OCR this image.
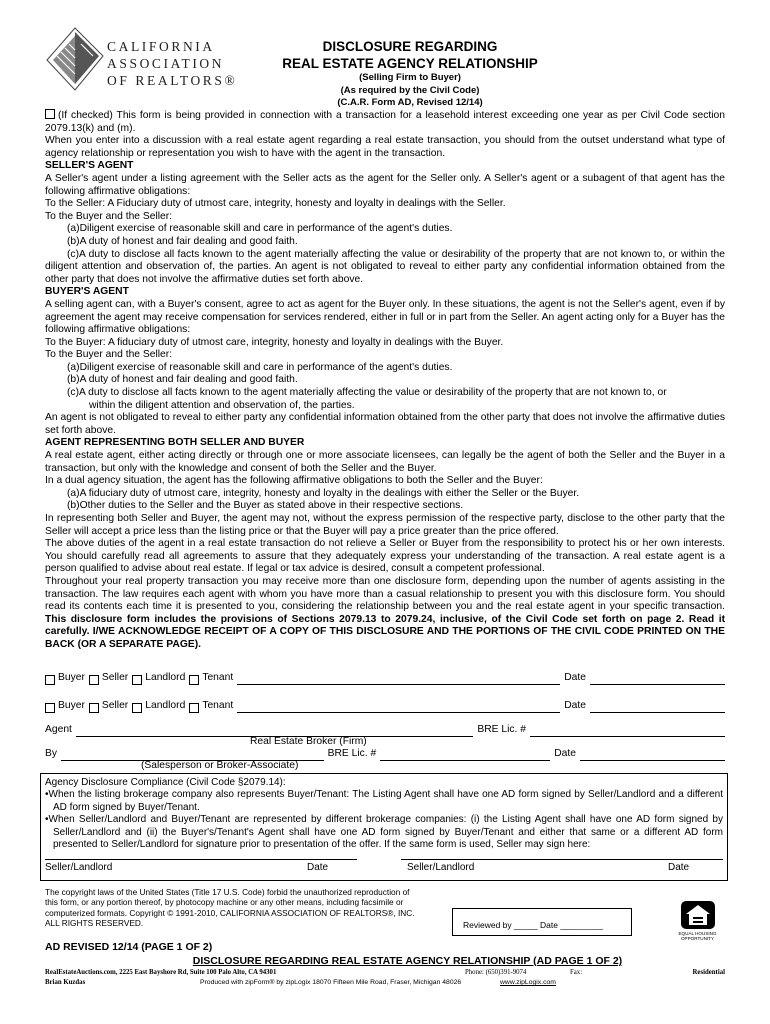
CALIFORNIA
ASSOCIATION
OF REALTORS®
DISCLOSURE REGARDING
REAL ESTATE AGENCY RELATIONSHIP
(Selling Firm to Buyer)
(As required by the Civil Code)
(C.A.R. Form AD, Revised 12/14)

(If checked) This form is being provided in connection with a transaction for a leasehold interest exceeding one year as per Civil Code section 2079.13(k) and (m).

When you enter into a discussion with a real estate agent regarding a real estate transaction, you should from the outset understand what type of agency relationship or representation you wish to have with the agent in the transaction.

SELLER'S AGENT

A Seller's agent under a listing agreement with the Seller acts as the agent for the Seller only. A Seller's agent or a subagent of that agent has the following affirmative obligations:

To the Seller: A Fiduciary duty of utmost care, integrity, honesty and loyalty in dealings with the Seller.

To the Buyer and the Seller:

(a)Diligent exercise of reasonable skill and care in performance of the agent's duties.

(b)A duty of honest and fair dealing and good faith.

(c)A duty to disclose all facts known to the agent materially affecting the value or desirability of the property that are not known to, or within the diligent attention and observation of, the parties. An agent is not obligated to reveal to either party any confidential information obtained from the other party that does not involve the affirmative duties set forth above.

BUYER'S AGENT

A selling agent can, with a Buyer's consent, agree to act as agent for the Buyer only. In these situations, the agent is not the Seller's agent, even if by agreement the agent may receive compensation for services rendered, either in full or in part from the Seller. An agent acting only for a Buyer has the following affirmative obligations:

To the Buyer: A fiduciary duty of utmost care, integrity, honesty and loyalty in dealings with the Buyer.

To the Buyer and the Seller:

(a)Diligent exercise of reasonable skill and care in performance of the agent's duties.

(b)A duty of honest and fair dealing and good faith.

(c)A duty to disclose all facts known to the agent materially affecting the value or desirability of the property that are not known to, or

within the diligent attention and observation of, the parties.

An agent is not obligated to reveal to either party any confidential information obtained from the other party that does not involve the affirmative duties set forth above.

AGENT REPRESENTING BOTH SELLER AND BUYER

A real estate agent, either acting directly or through one or more associate licensees, can legally be the agent of both the Seller and the Buyer in a transaction, but only with the knowledge and consent of both the Seller and the Buyer.

In a dual agency situation, the agent has the following affirmative obligations to both the Seller and the Buyer:

(a)A fiduciary duty of utmost care, integrity, honesty and loyalty in the dealings with either the Seller or the Buyer.

(b)Other duties to the Seller and the Buyer as stated above in their respective sections.

In representing both Seller and Buyer, the agent may not, without the express permission of the respective party, disclose to the other party that the Seller will accept a price less than the listing price or that the Buyer will pay a price greater than the price offered.

The above duties of the agent in a real estate transaction do not relieve a Seller or Buyer from the responsibility to protect his or her own interests. You should carefully read all agreements to assure that they adequately express your understanding of the transaction. A real estate agent is a person qualified to advise about real estate. If legal or tax advice is desired, consult a competent professional.

Throughout your real property transaction you may receive more than one disclosure form, depending upon the number of agents assisting in the transaction. The law requires each agent with whom you have more than a casual relationship to present you with this disclosure form. You should read its contents each time it is presented to you, considering the relationship between you and the real estate agent in your specific transaction. This disclosure form includes the provisions of Sections 2079.13 to 2079.24, inclusive, of the Civil Code set forth on page 2. Read it carefully. I/WE ACKNOWLEDGE RECEIPT OF A COPY OF THIS DISCLOSURE AND THE PORTIONS OF THE CIVIL CODE PRINTED ON THE BACK (OR A SEPARATE PAGE).

Buyer Seller Landlord Tenant	Date
Buyer Seller Landlord Tenant	Date
Agent	BRE Lic. #
Real Estate Broker (Firm)
By	BRE Lic. #	Date
(Salesperson or Broker-Associate)
Agency Disclosure Compliance (Civil Code §2079.14):
• When the listing brokerage company also represents Buyer/Tenant: The Listing Agent shall have one AD form signed by Seller/Landlord and a different AD form signed by Buyer/Tenant.
• When Seller/Landlord and Buyer/Tenant are represented by different brokerage companies: (i) the Listing Agent shall have one AD form signed by Seller/Landlord and (ii) the Buyer's/Tenant's Agent shall have one AD form signed by Buyer/Tenant and either that same or a different AD form presented to Seller/Landlord for signature prior to presentation of the offer. If the same form is used, Seller may sign here:
Seller/Landlord	Date	Seller/Landlord	Date
The copyright laws of the United States (Title 17 U.S. Code) forbid the unauthorized reproduction of this form, or any portion thereof, by photocopy machine or any other means, including facsimile or computerized formats. Copyright © 1991-2010, CALIFORNIA ASSOCIATION OF REALTORS®, INC. ALL RIGHTS RESERVED.	Reviewed by _____ Date _________
EQUAL HOUSING OPPORTUNITY
AD REVISED 12/14 (PAGE 1 OF 2)
DISCLOSURE REGARDING REAL ESTATE AGENCY RELATIONSHIP (AD PAGE 1 OF 2)
RealEstateAuctions.com, 2225 East Bayshore Rd, Suite 100 Palo Alto, CA 94301	Phone: (650)391-9074	Fax:	Residential
Brian Kuzdas	Produced with zipForm® by zipLogix 18070 Fifteen Mile Road, Fraser, Michigan 48026	www.zipLogix.com
